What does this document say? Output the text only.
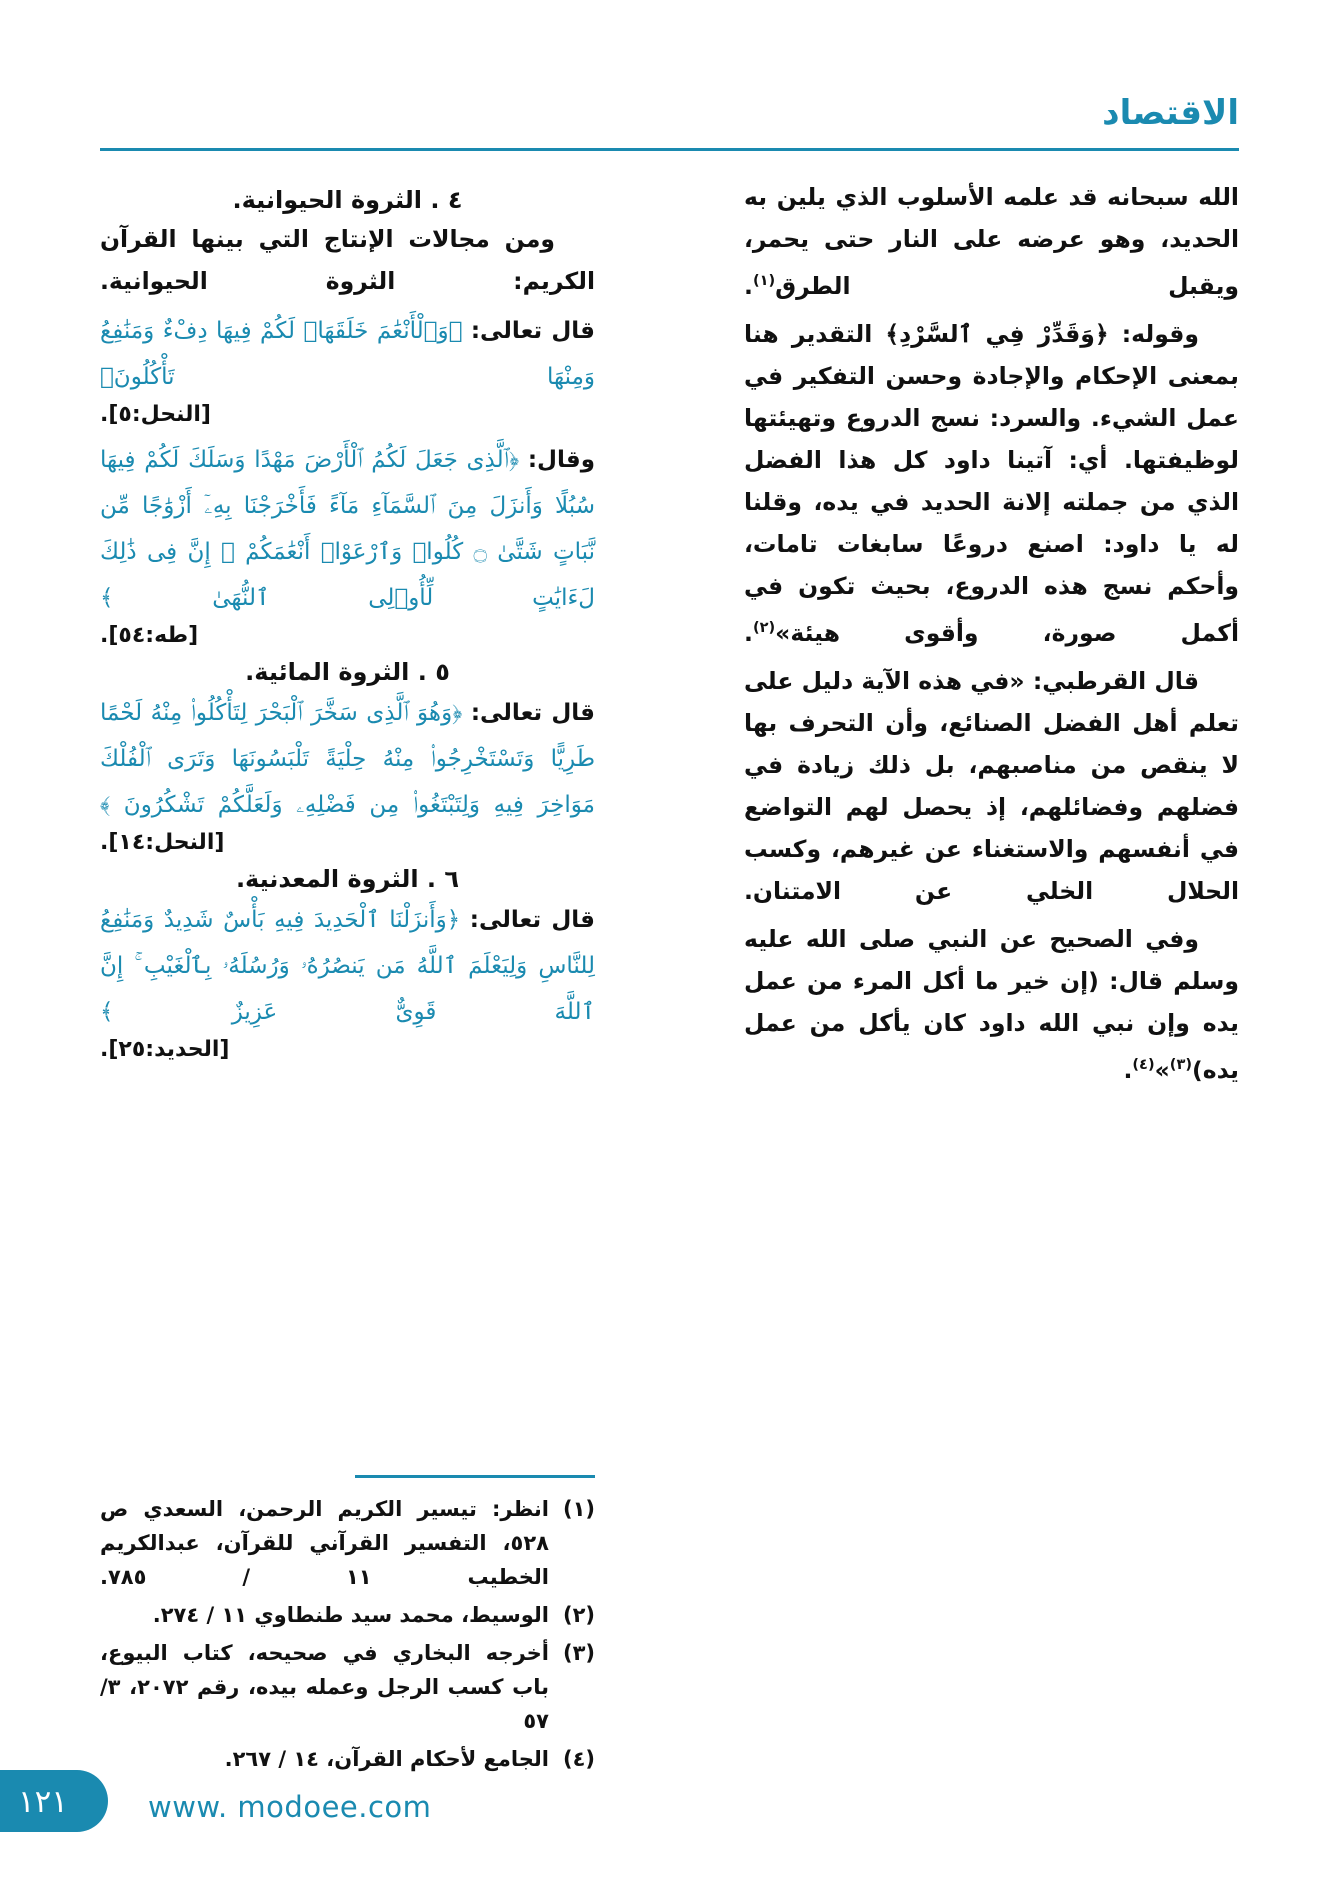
الاقتصاد

الله سبحانه قد علمه الأسلوب الذي يلين به الحديد، وهو عرضه على النار حتى يحمر، ويقبل الطرق$^{(١)}$.

وقوله: ﴿وَقَدِّرْ فِي ٱلسَّرْدِ﴾ التقدير هنا بمعنى الإحكام والإجادة وحسن التفكير في عمل الشيء. والسرد: نسج الدروع وتهيئتها لوظيفتها. أي: آتينا داود كل هذا الفضل الذي من جملته إلانة الحديد في يده، وقلنا له يا داود: اصنع دروعًا سابغات تامات، وأحكم نسج هذه الدروع، بحيث تكون في أكمل صورة، وأقوى هيئة»$^{(٢)}$.

قال القرطبي: «في هذه الآية دليل على تعلم أهل الفضل الصنائع، وأن التحرف بها لا ينقص من مناصبهم، بل ذلك زيادة في فضلهم وفضائلهم، إذ يحصل لهم التواضع في أنفسهم والاستغناء عن غيرهم، وكسب الحلال الخلي عن الامتنان.

وفي الصحيح عن النبي صلى الله عليه وسلم قال: (إن خير ما أكل المرء من عمل يده وإن نبي الله داود كان يأكل من عمل يده)$^{(٣)}$»$^{(٤)}$.

٤ . الثروة الحيوانية.

ومن مجالات الإنتاج التي بينها القرآن الكريم: الثروة الحيوانية.

قال تعالى: ﴿وَٱلْأَنْعَٰمَ خَلَقَهَاۗ لَكُمْ فِيهَا دِفْءٌ وَمَنَٰفِعُ وَمِنْهَا تَأْكُلُونَ﴾

[النحل:٥].

وقال: ﴿ٱلَّذِى جَعَلَ لَكُمُ ٱلْأَرْضَ مَهْدًا وَسَلَكَ لَكُمْ فِيهَا سُبُلًا وَأَنزَلَ مِنَ ٱلسَّمَآءِ مَآءً فَأَخْرَجْنَا بِهِۦٓ أَزْوَٰجًا مِّن نَّبَاتٍ شَتَّىٰ ۝ كُلُوا۟ وَٱرْعَوْا۟ أَنْعَٰمَكُمْ ۗ إِنَّ فِى ذَٰلِكَ لَءَايَٰتٍ لِّأُو۟لِى ٱلنُّهَىٰ ﴾

[طه:٥٤].

٥ . الثروة المائية.

قال تعالى: ﴿وَهُوَ ٱلَّذِى سَخَّرَ ٱلْبَحْرَ لِتَأْكُلُوا۟ مِنْهُ لَحْمًا طَرِيًّا وَتَسْتَخْرِجُوا۟ مِنْهُ حِلْيَةً تَلْبَسُونَهَا وَتَرَى ٱلْفُلْكَ مَوَاخِرَ فِيهِ وَلِتَبْتَغُوا۟ مِن فَضْلِهِۦ وَلَعَلَّكُمْ تَشْكُرُونَ ﴾

[النحل:١٤].

٦ . الثروة المعدنية.

قال تعالى: ﴿وَأَنزَلْنَا ٱلْحَدِيدَ فِيهِ بَأْسٌ شَدِيدٌ وَمَنَٰفِعُ لِلنَّاسِ وَلِيَعْلَمَ ٱللَّهُ مَن يَنصُرُهُۥ وَرُسُلَهُۥ بِٱلْغَيْبِ ۚ إِنَّ ٱللَّهَ قَوِىٌّ عَزِيزٌ ﴾

[الحديد:٢٥].

(١)
انظر: تيسير الكريم الرحمن، السعدي ص ٥٢٨، التفسير القرآني للقرآن، عبدالكريم الخطيب ١١ / ٧٨٥.
(٢)
الوسيط، محمد سيد طنطاوي ١١ / ٢٧٤.
(٣)
أخرجه البخاري في صحيحه، كتاب البيوع، باب كسب الرجل وعمله بيده، رقم ٢٠٧٢، ٣/ ٥٧
(٤)
الجامع لأحكام القرآن، ١٤ / ٢٦٧.
١٢١	www. modoee.com
